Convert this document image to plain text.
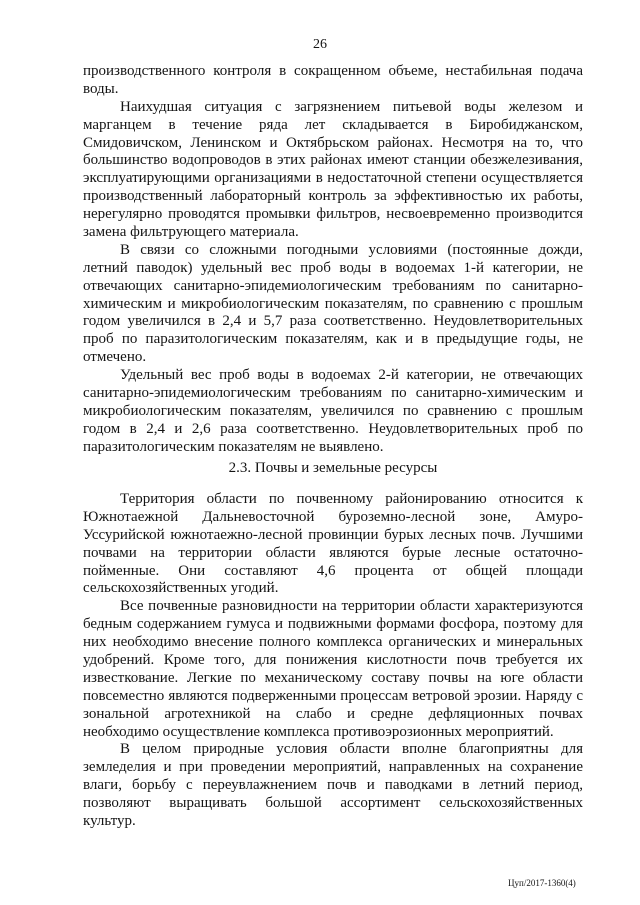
26
производственного контроля в сокращенном объеме, нестабильная подача
воды.
Наихудшая ситуация с загрязнением питьевой воды железом и
марганцем в течение ряда лет складывается в Биробиджанском,
Смидовичском, Ленинском и Октябрьском районах. Несмотря на то, что
большинство водопроводов в этих районах имеют станции обезжелезивания,
эксплуатирующими организациями в недостаточной степени осуществляется
производственный лабораторный контроль за эффективностью их работы,
нерегулярно проводятся промывки фильтров, несвоевременно производится
замена фильтрующего материала.
В связи со сложными погодными условиями (постоянные дожди,
летний паводок) удельный вес проб воды в водоемах 1-й категории, не
отвечающих санитарно-эпидемиологическим требованиям по санитарно-
химическим и микробиологическим показателям, по сравнению с прошлым
годом увеличился в 2,4 и 5,7 раза соответственно. Неудовлетворительных
проб по паразитологическим показателям, как и в предыдущие годы, не
отмечено.
Удельный вес проб воды в водоемах 2-й категории, не отвечающих
санитарно-эпидемиологическим требованиям по санитарно-химическим и
микробиологическим показателям, увеличился по сравнению с прошлым
годом в 2,4 и 2,6 раза соответственно. Неудовлетворительных проб по
паразитологическим показателям не выявлено.
2.3. Почвы и земельные ресурсы
Территория области по почвенному районированию относится к
Южнотаежной Дальневосточной буроземно-лесной зоне, Амуро-
Уссурийской южнотаежно-лесной провинции бурых лесных почв. Лучшими
почвами на территории области являются бурые лесные остаточно-
пойменные. Они составляют 4,6 процента от общей площади
сельскохозяйственных угодий.
Все почвенные разновидности на территории области характеризуются
бедным содержанием гумуса и подвижными формами фосфора, поэтому для
них необходимо внесение полного комплекса органических и минеральных
удобрений. Кроме того, для понижения кислотности почв требуется их
известкование. Легкие по механическому составу почвы на юге области
повсеместно являются подверженными процессам ветровой эрозии. Наряду с
зональной агротехникой на слабо и средне дефляционных почвах
необходимо осуществление комплекса противоэрозионных мероприятий.
В целом природные условия области вполне благоприятны для
земледелия и при проведении мероприятий, направленных на сохранение
влаги, борьбу с переувлажнением почв и паводками в летний период,
позволяют выращивать большой ассортимент сельскохозяйственных
культур.
Цуп/2017-1360(4)
